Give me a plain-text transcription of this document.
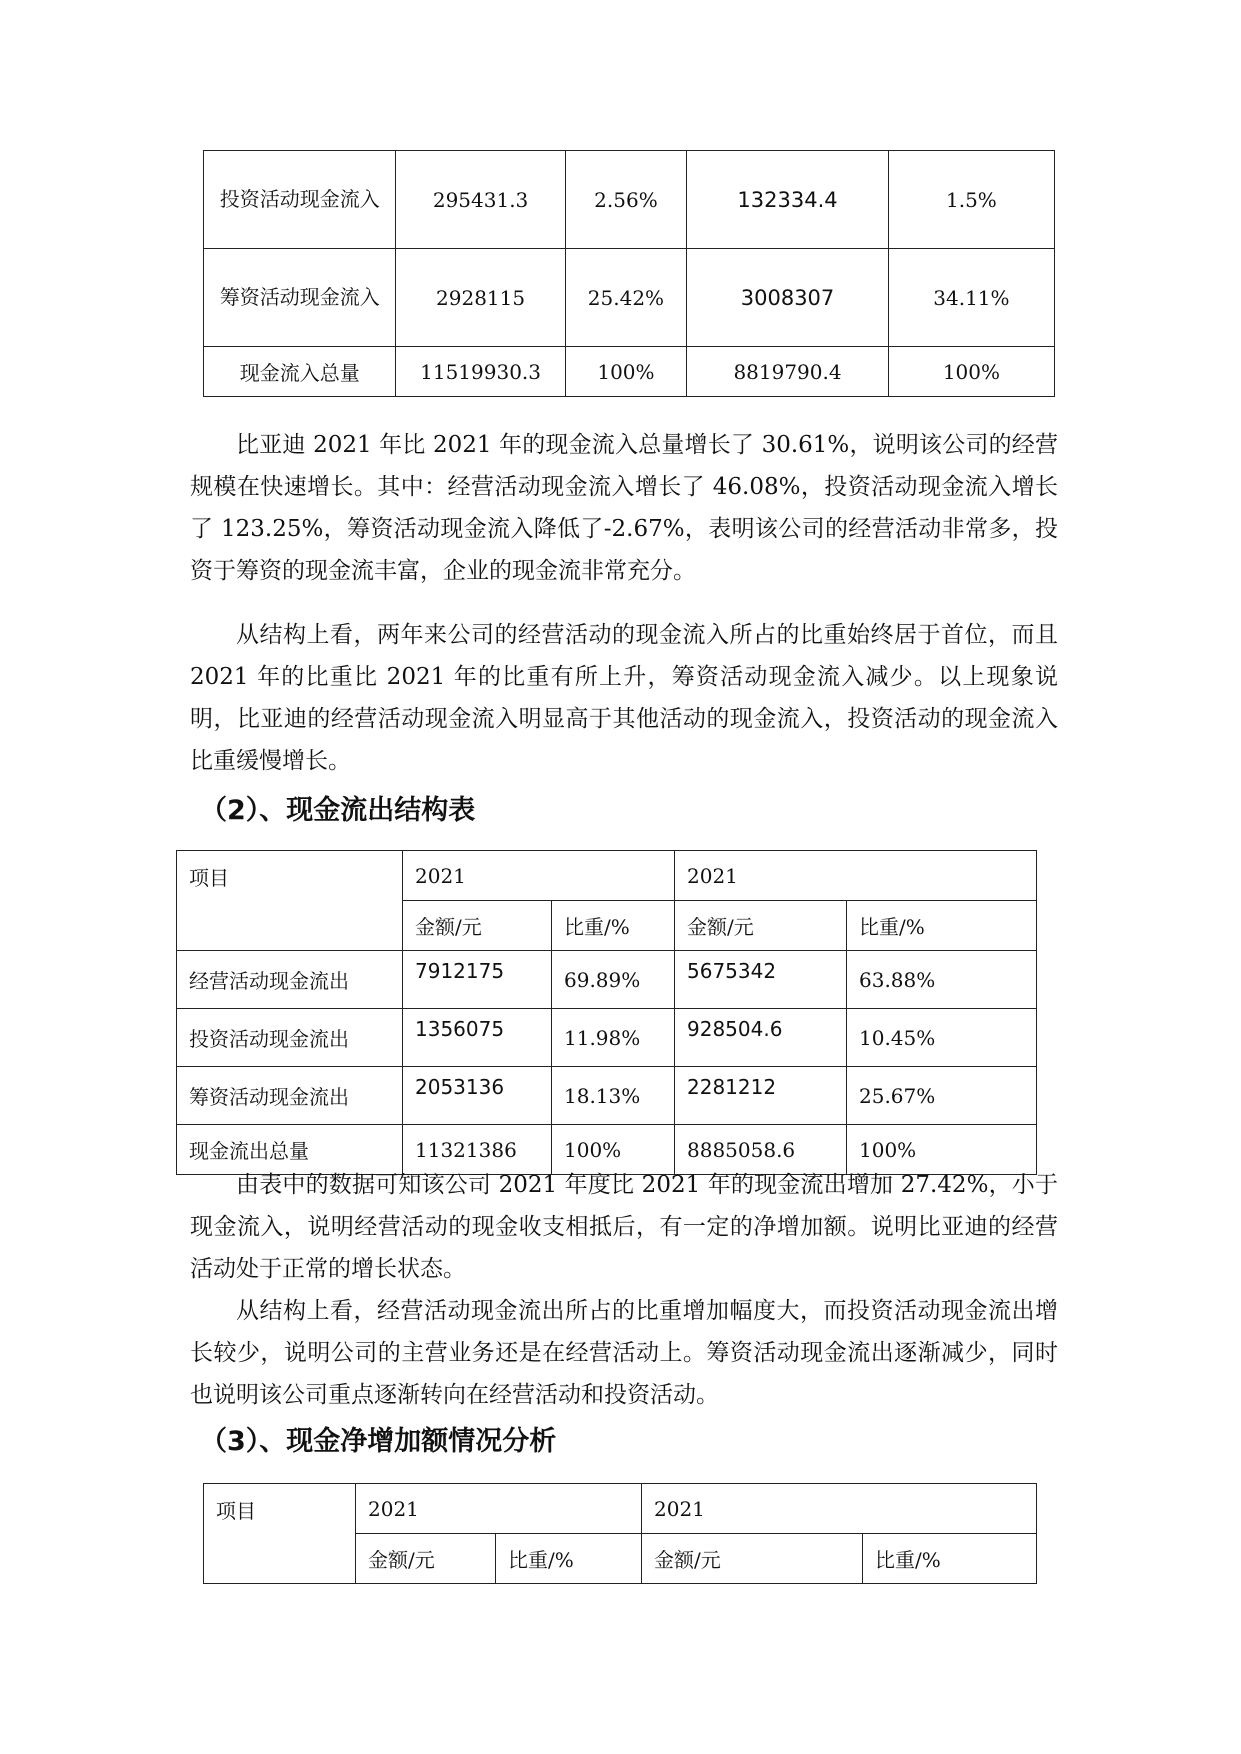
投资活动现金流入	295431.3	2.56%	132334.4	1.5%
筹资活动现金流入	2928115	25.42%	3008307	34.11%
现金流入总量	11519930.3	100%	8819790.4	100%

比亚迪 2021 年比 2021 年的现金流入总量增长了 30.61%，说明该公司的经营规模在快速增长。其中：经营活动现金流入增长了 46.08%，投资活动现金流入增长了 123.25%，筹资活动现金流入降低了-2.67%，表明该公司的经营活动非常多，投资于筹资的现金流丰富，企业的现金流非常充分。

从结构上看，两年来公司的经营活动的现金流入所占的比重始终居于首位，而且 2021 年的比重比 2021 年的比重有所上升，筹资活动现金流入减少。以上现象说明，比亚迪的经营活动现金流入明显高于其他活动的现金流入，投资活动的现金流入比重缓慢增长。

（2）、现金流出结构表
项目	2021		2021	
	金额/元	比重/%	金额/元	比重/%
经营活动现金流出	7912175	69.89%	5675342	63.88%
投资活动现金流出	1356075	11.98%	928504.6	10.45%
筹资活动现金流出	2053136	18.13%	2281212	25.67%
现金流出总量	11321386	100%	8885058.6	100%

由表中的数据可知该公司 2021 年度比 2021 年的现金流出增加 27.42%，小于现金流入，说明经营活动的现金收支相抵后，有一定的净增加额。说明比亚迪的经营活动处于正常的增长状态。

从结构上看，经营活动现金流出所占的比重增加幅度大，而投资活动现金流出增长较少，说明公司的主营业务还是在经营活动上。筹资活动现金流出逐渐减少，同时也说明该公司重点逐渐转向在经营活动和投资活动。

（3）、现金净增加额情况分析
项目	2021		2021	
	金额/元	比重/%	金额/元	比重/%
